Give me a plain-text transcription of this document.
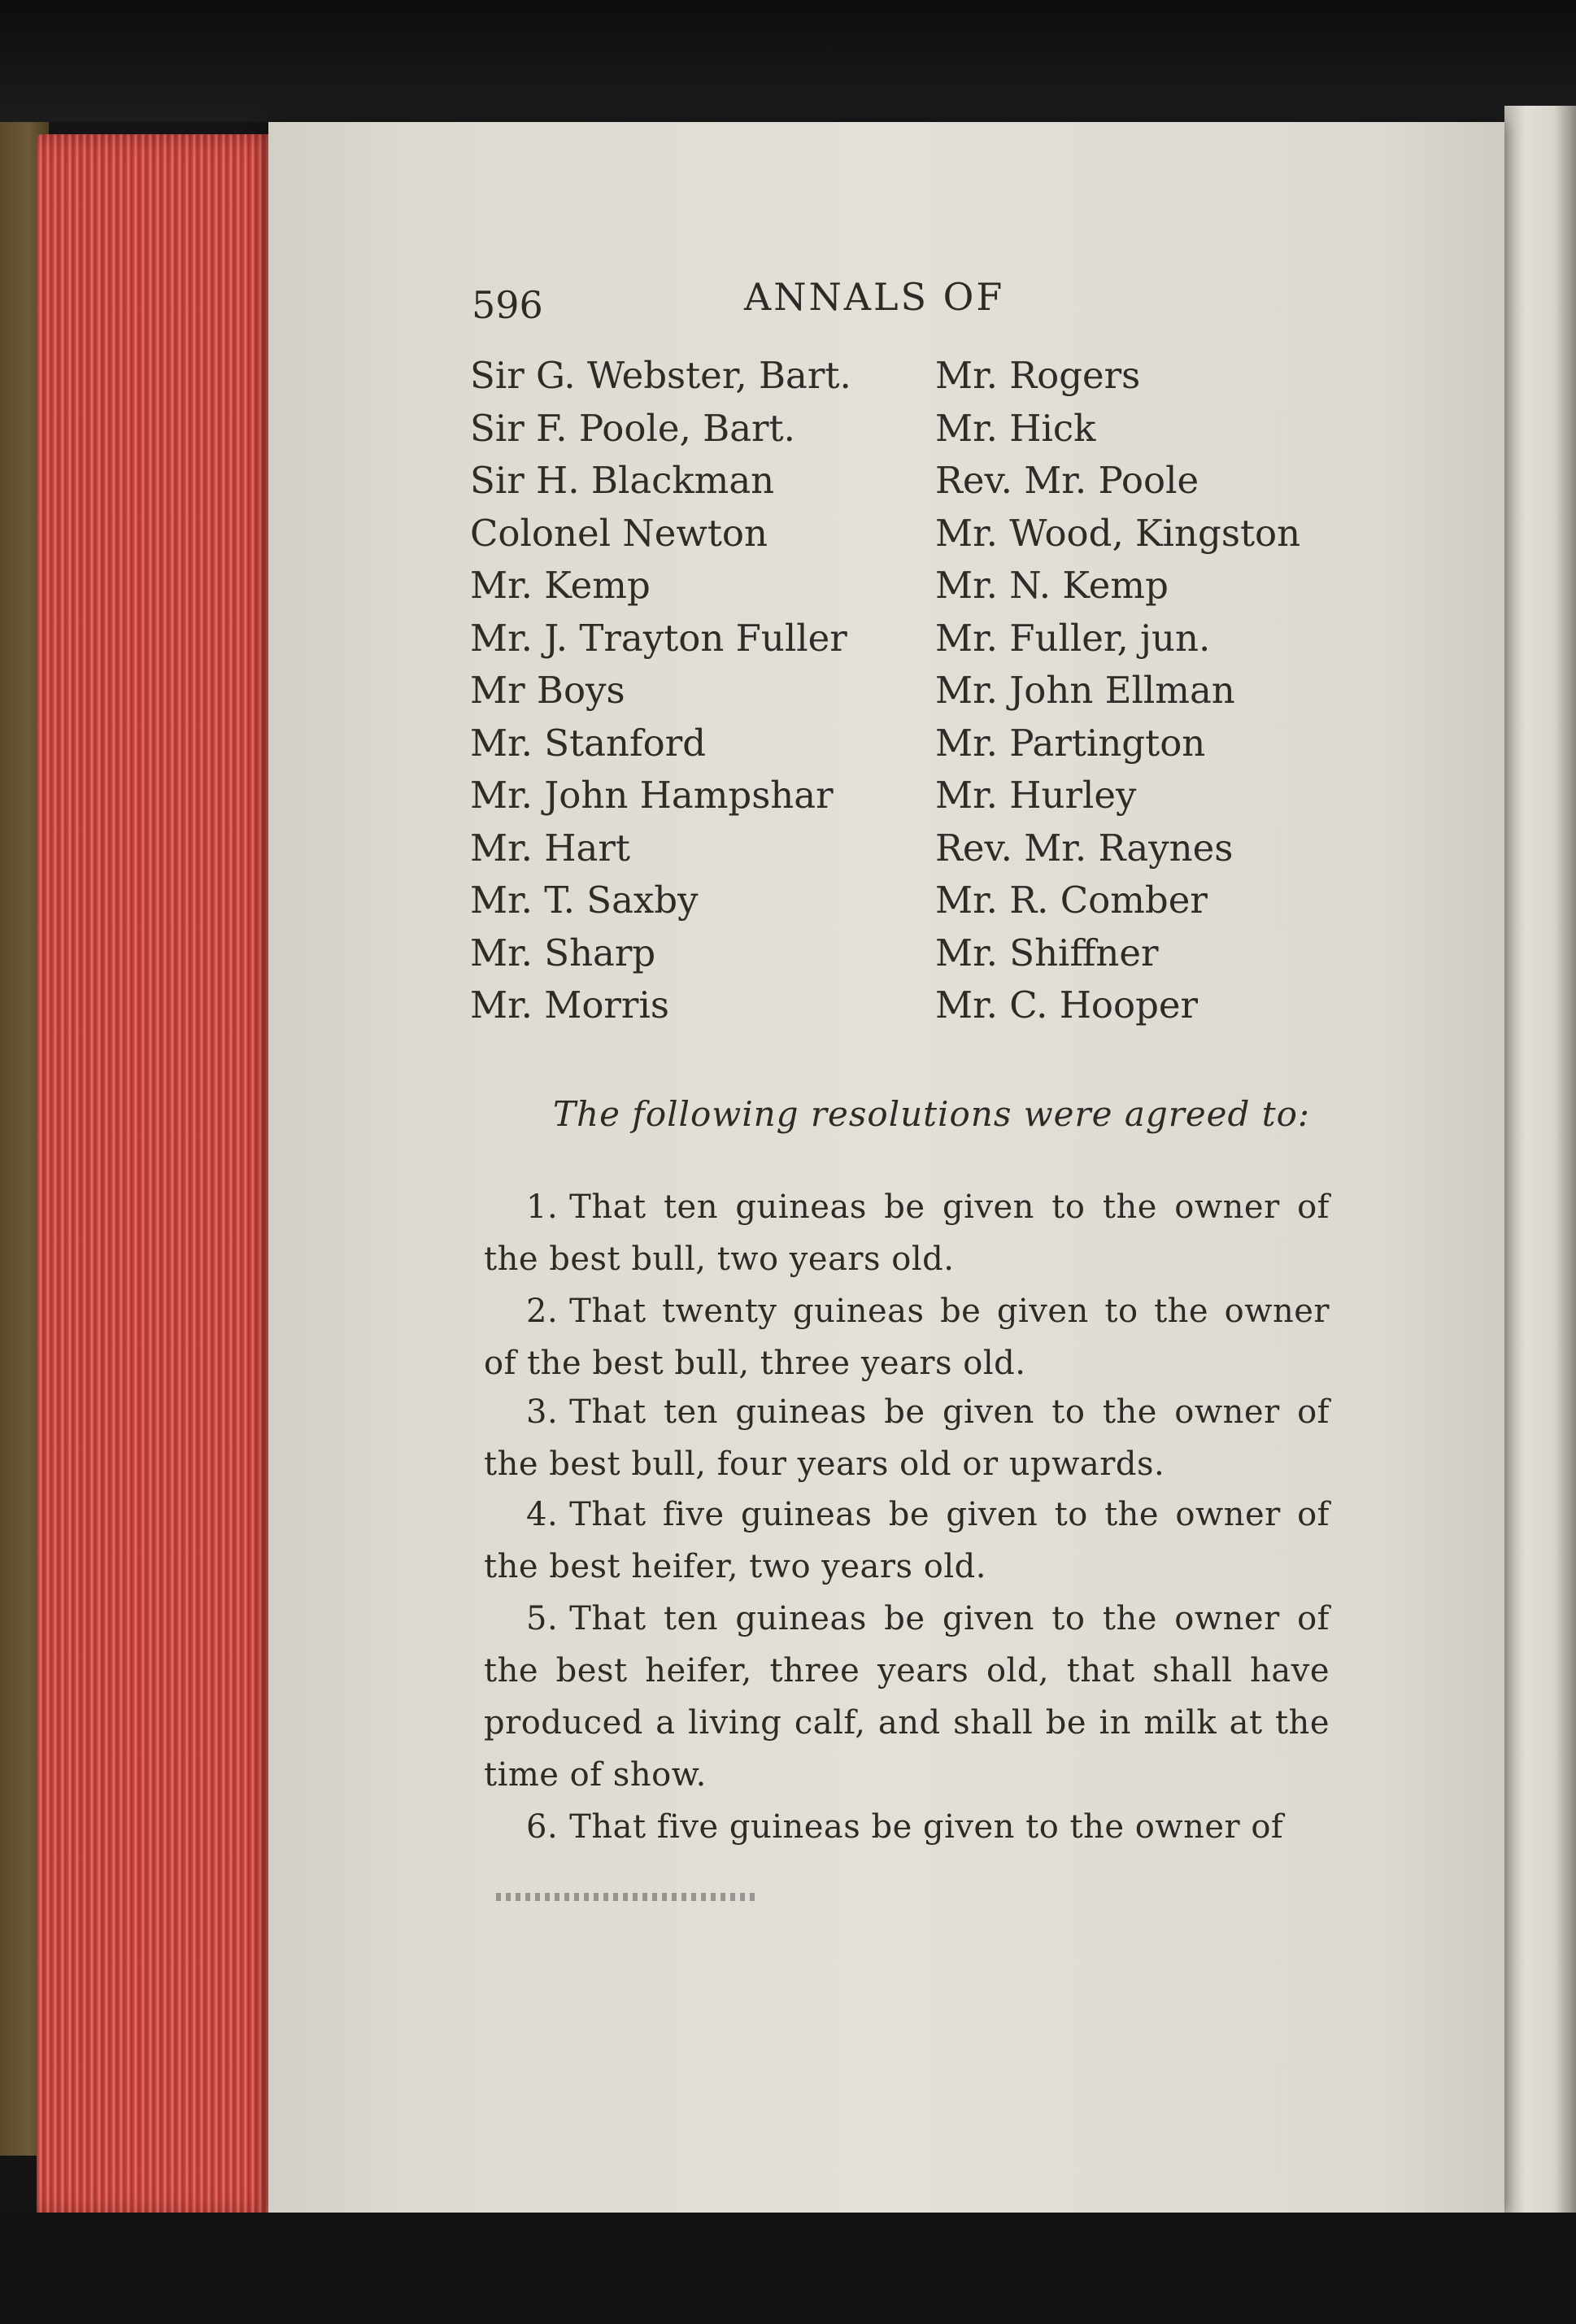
596	ANNALS OF
Sir G. Webster, Bart.
Sir F. Poole, Bart.
Sir H. Blackman
Colonel Newton
Mr. Kemp
Mr. J. Trayton Fuller
Mr Boys
Mr. Stanford
Mr. John Hampshar
Mr. Hart
Mr. T. Saxby
Mr. Sharp
Mr. Morris
Mr. Rogers
Mr. Hick
Rev. Mr. Poole
Mr. Wood, Kingston
Mr. N. Kemp
Mr. Fuller, jun.
Mr. John Ellman
Mr. Partington
Mr. Hurley
Rev. Mr. Raynes
Mr. R. Comber
Mr. Shiffner
Mr. C. Hooper
The following resolutions were agreed to:

1. That ten guineas be given to the owner of the best bull, two years old.

2. That twenty guineas be given to the owner of the best bull, three years old.

3. That ten guineas be given to the owner of the best bull, four years old or upwards.

4. That five guineas be given to the owner of the best heifer, two years old.

5. That ten guineas be given to the owner of the best heifer, three years old, that shall have produced a living calf, and shall be in milk at the time of show.

6. That five guineas be given to the owner of
